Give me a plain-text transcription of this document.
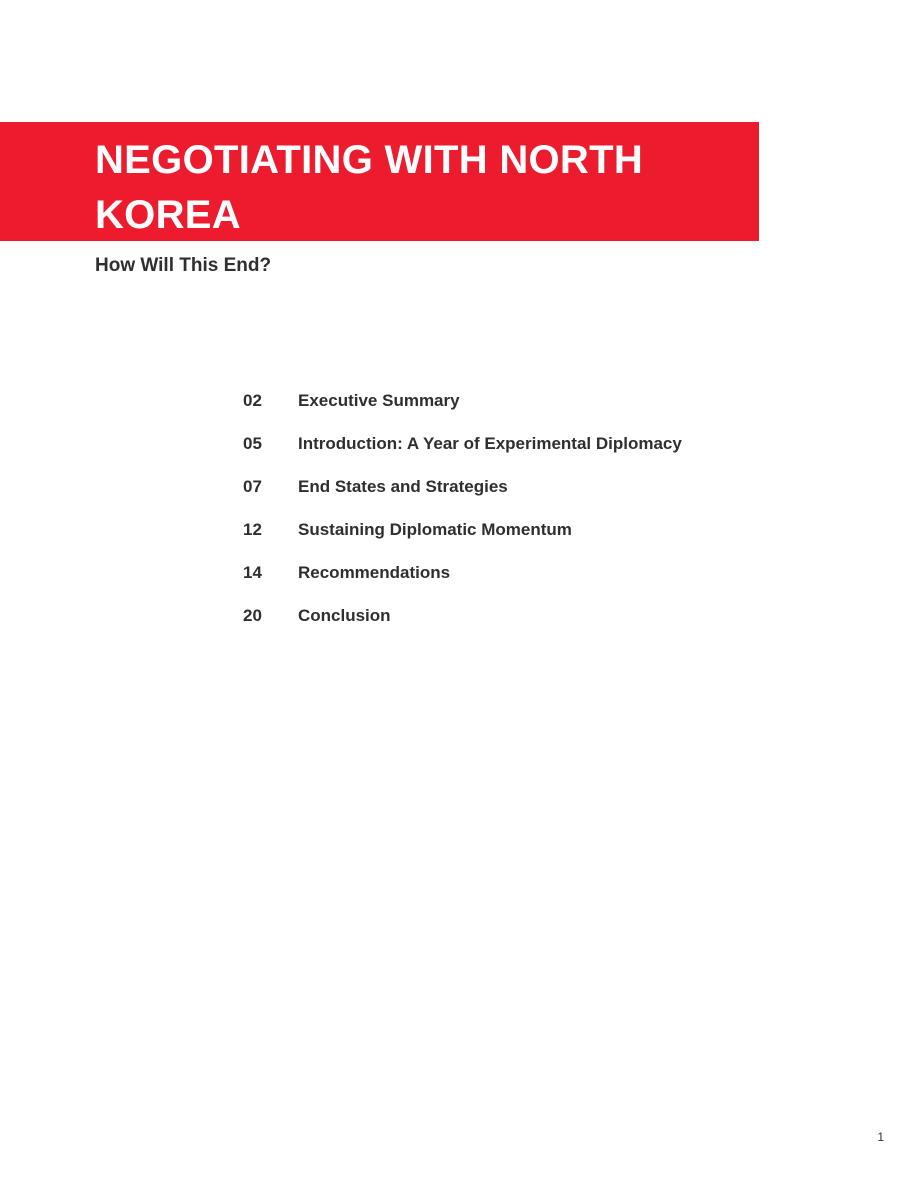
NEGOTIATING WITH NORTH KOREA
How Will This End?
02	Executive Summary
05	Introduction: A Year of Experimental Diplomacy
07	End States and Strategies
12	Sustaining Diplomatic Momentum
14	Recommendations
20	Conclusion
1
